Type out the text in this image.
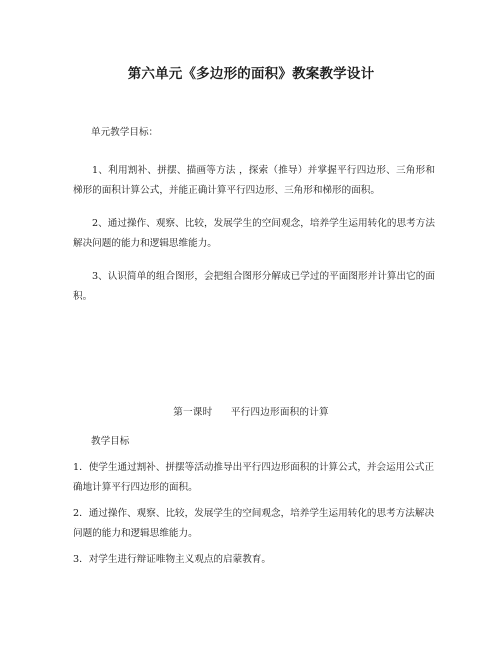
第六单元《多边形的面积》教案教学设计

单元教学目标：

1、利用割补、拼摆、描画等方法 ，探索（推导）并掌握平行四边形、三角形和梯形的面积计算公式，并能正确计算平行四边形、三角形和梯形的面积。

2、通过操作、观察、比较，发展学生的空间观念，培养学生运用转化的思考方法解决问题的能力和逻辑思维能力。

3、认识简单的组合图形，会把组合图形分解成已学过的平面图形并计算出它的面积。

第一课时 平行四边形面积的计算

教学目标

1．使学生通过割补、拼摆等活动推导出平行四边形面积的计算公式，并会运用公式正确地计算平行四边形的面积。

2．通过操作、观察、比较，发展学生的空间观念，培养学生运用转化的思考方法解决问题的能力和逻辑思维能力。

3．对学生进行辩证唯物主义观点的启蒙教育。
